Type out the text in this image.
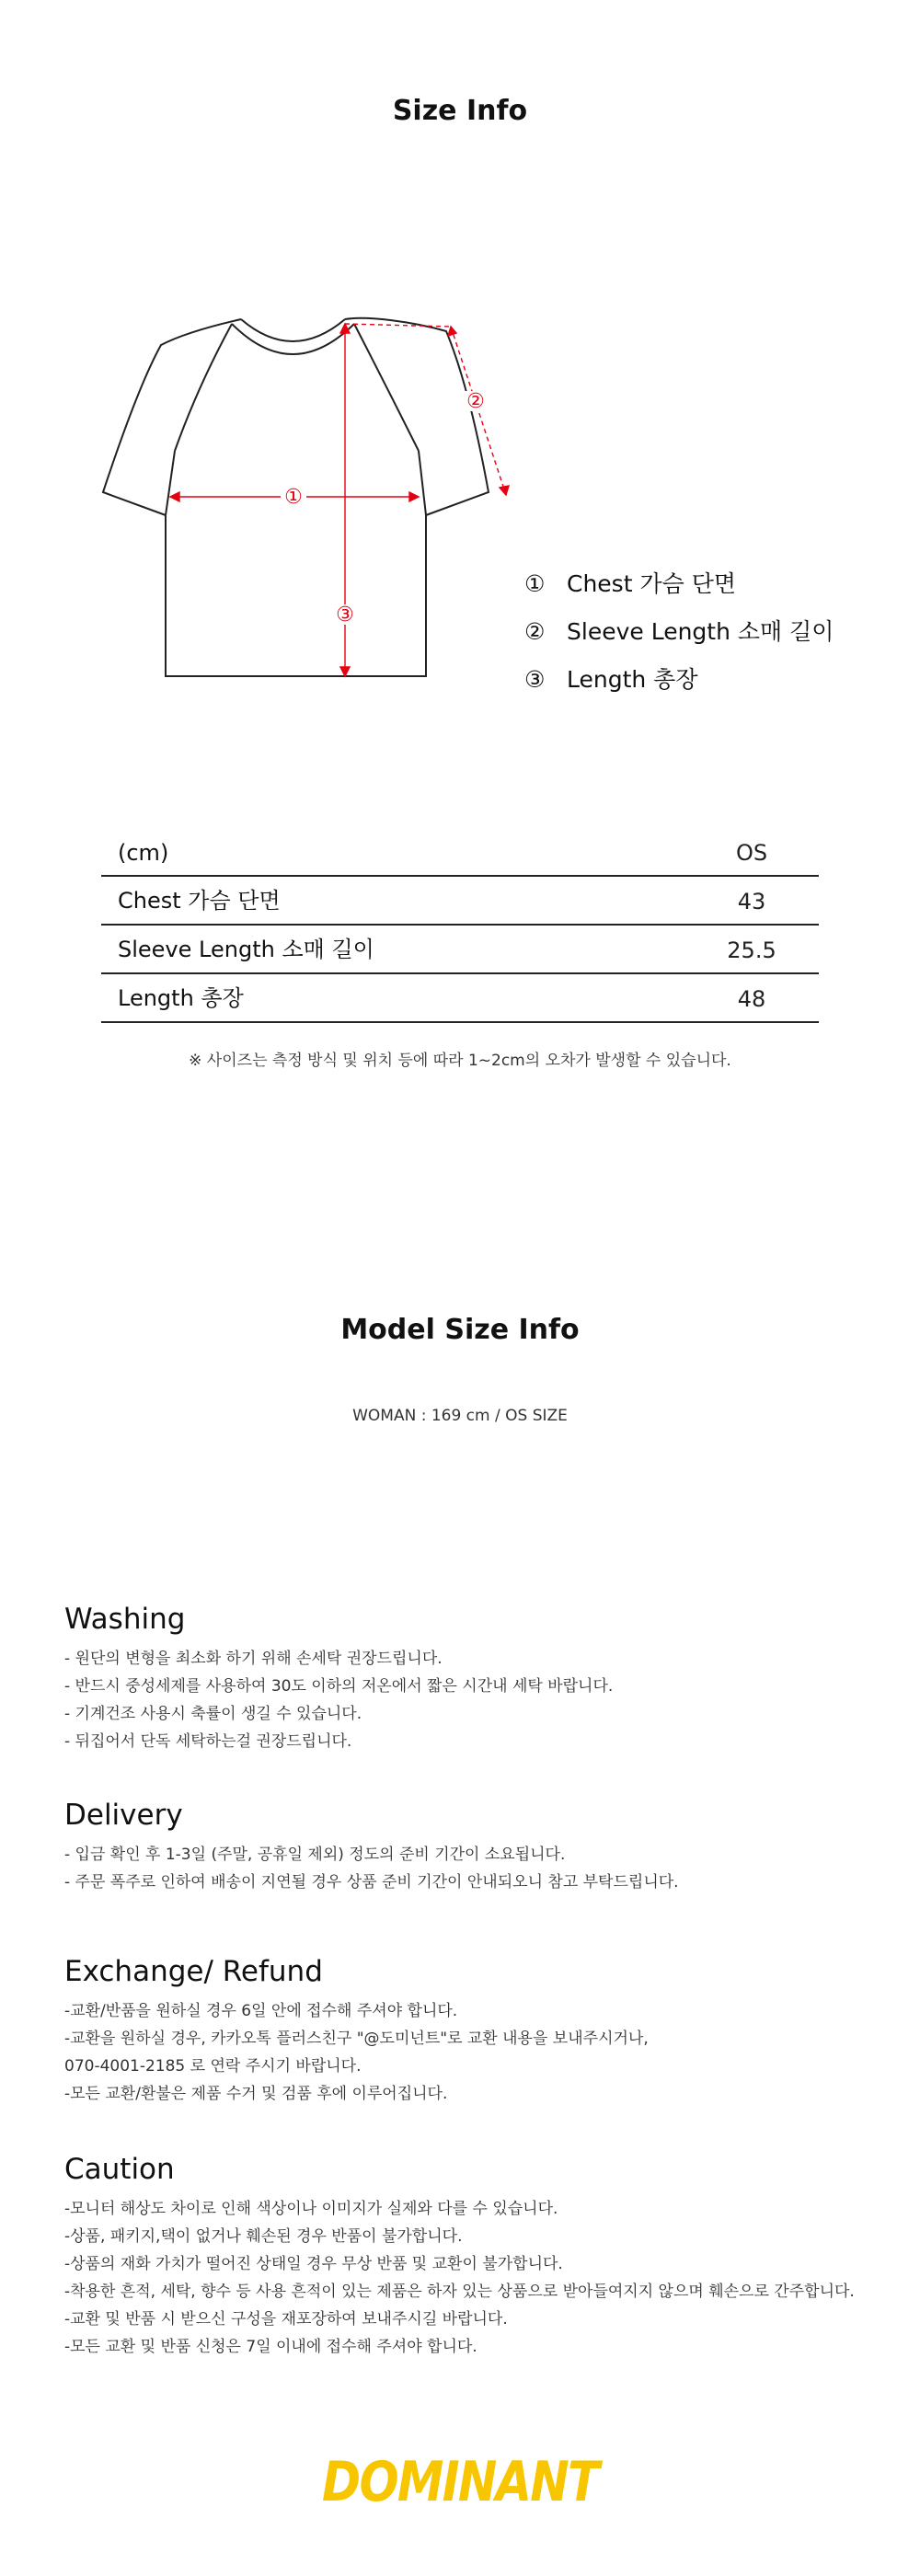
Size Info
①
②
③
① Chest 가슴 단면
② Sleeve Length 소매 길이
③ Length 총장
(cm)	OS
Chest 가슴 단면	43
Sleeve Length 소매 길이	25.5
Length 총장	48
※ 사이즈는 측정 방식 및 위치 등에 따라 1~2cm의 오차가 발생할 수 있습니다.
Model Size Info
WOMAN : 169 cm / OS SIZE
Washing
- 원단의 변형을 최소화 하기 위해 손세탁 권장드립니다.
- 반드시 중성세제를 사용하여 30도 이하의 저온에서 짧은 시간내 세탁 바랍니다.
- 기계건조 사용시 축률이 생길 수 있습니다.
- 뒤집어서 단독 세탁하는걸 권장드립니다.
Delivery
- 입금 확인 후 1-3일 (주말, 공휴일 제외) 정도의 준비 기간이 소요됩니다.
- 주문 폭주로 인하여 배송이 지연될 경우 상품 준비 기간이 안내되오니 참고 부탁드립니다.
Exchange/ Refund
-교환/반품을 원하실 경우 6일 안에 접수해 주셔야 합니다.
-교환을 원하실 경우, 카카오톡 플러스친구 "@도미넌트"로 교환 내용을 보내주시거나,
070-4001-2185 로 연락 주시기 바랍니다.
-모든 교환/환불은 제품 수거 및 검품 후에 이루어집니다.
Caution
-모니터 해상도 차이로 인해 색상이나 이미지가 실제와 다를 수 있습니다.
-상품, 패키지,택이 없거나 훼손된 경우 반품이 불가합니다.
-상품의 재화 가치가 떨어진 상태일 경우 무상 반품 및 교환이 불가합니다.
-착용한 흔적, 세탁, 향수 등 사용 흔적이 있는 제품은 하자 있는 상품으로 받아들여지지 않으며 훼손으로 간주합니다.
-교환 및 반품 시 받으신 구성을 재포장하여 보내주시길 바랍니다.
-모든 교환 및 반품 신청은 7일 이내에 접수해 주셔야 합니다.
DOMINANT
